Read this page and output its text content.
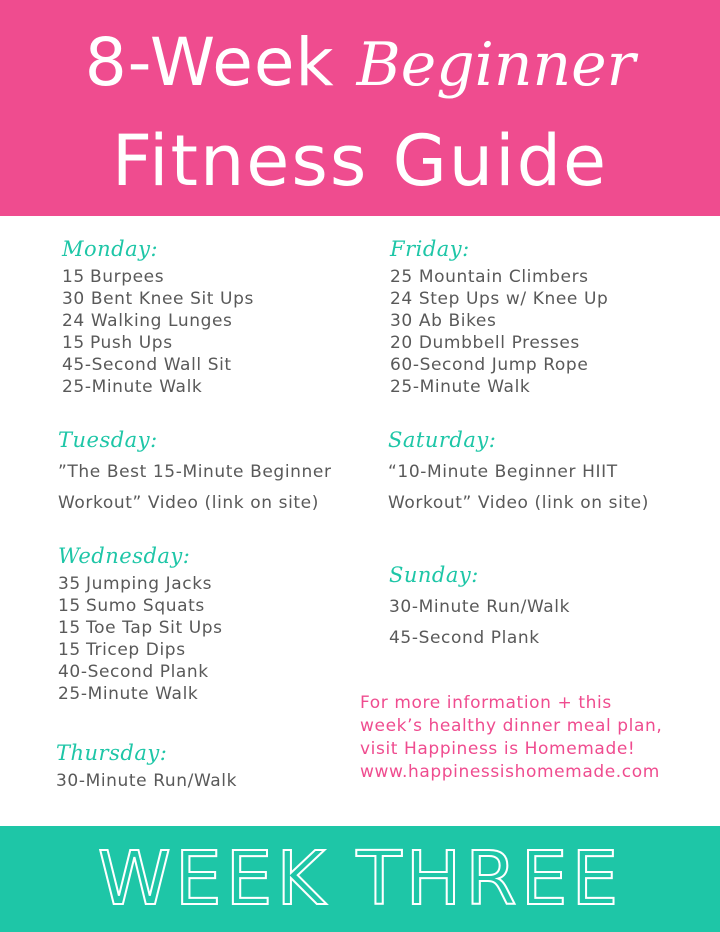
8-Week Beginner
Fitness Guide
Monday:
15 Burpees
30 Bent Knee Sit Ups
24 Walking Lunges
15 Push Ups
45-Second Wall Sit
25-Minute Walk
Tuesday:
”The Best 15-Minute Beginner
Workout” Video (link on site)
Wednesday:
35 Jumping Jacks
15 Sumo Squats
15 Toe Tap Sit Ups
15 Tricep Dips
40-Second Plank
25-Minute Walk
Thursday:
30-Minute Run/Walk
Friday:
25 Mountain Climbers
24 Step Ups w/ Knee Up
30 Ab Bikes
20 Dumbbell Presses
60-Second Jump Rope
25-Minute Walk
Saturday:
“10-Minute Beginner HIIT
Workout” Video (link on site)
Sunday:
30-Minute Run/Walk
45-Second Plank
For more information + this
week’s healthy dinner meal plan,
visit Happiness is Homemade!
www.happinessishomemade.com
WEEK THREE
